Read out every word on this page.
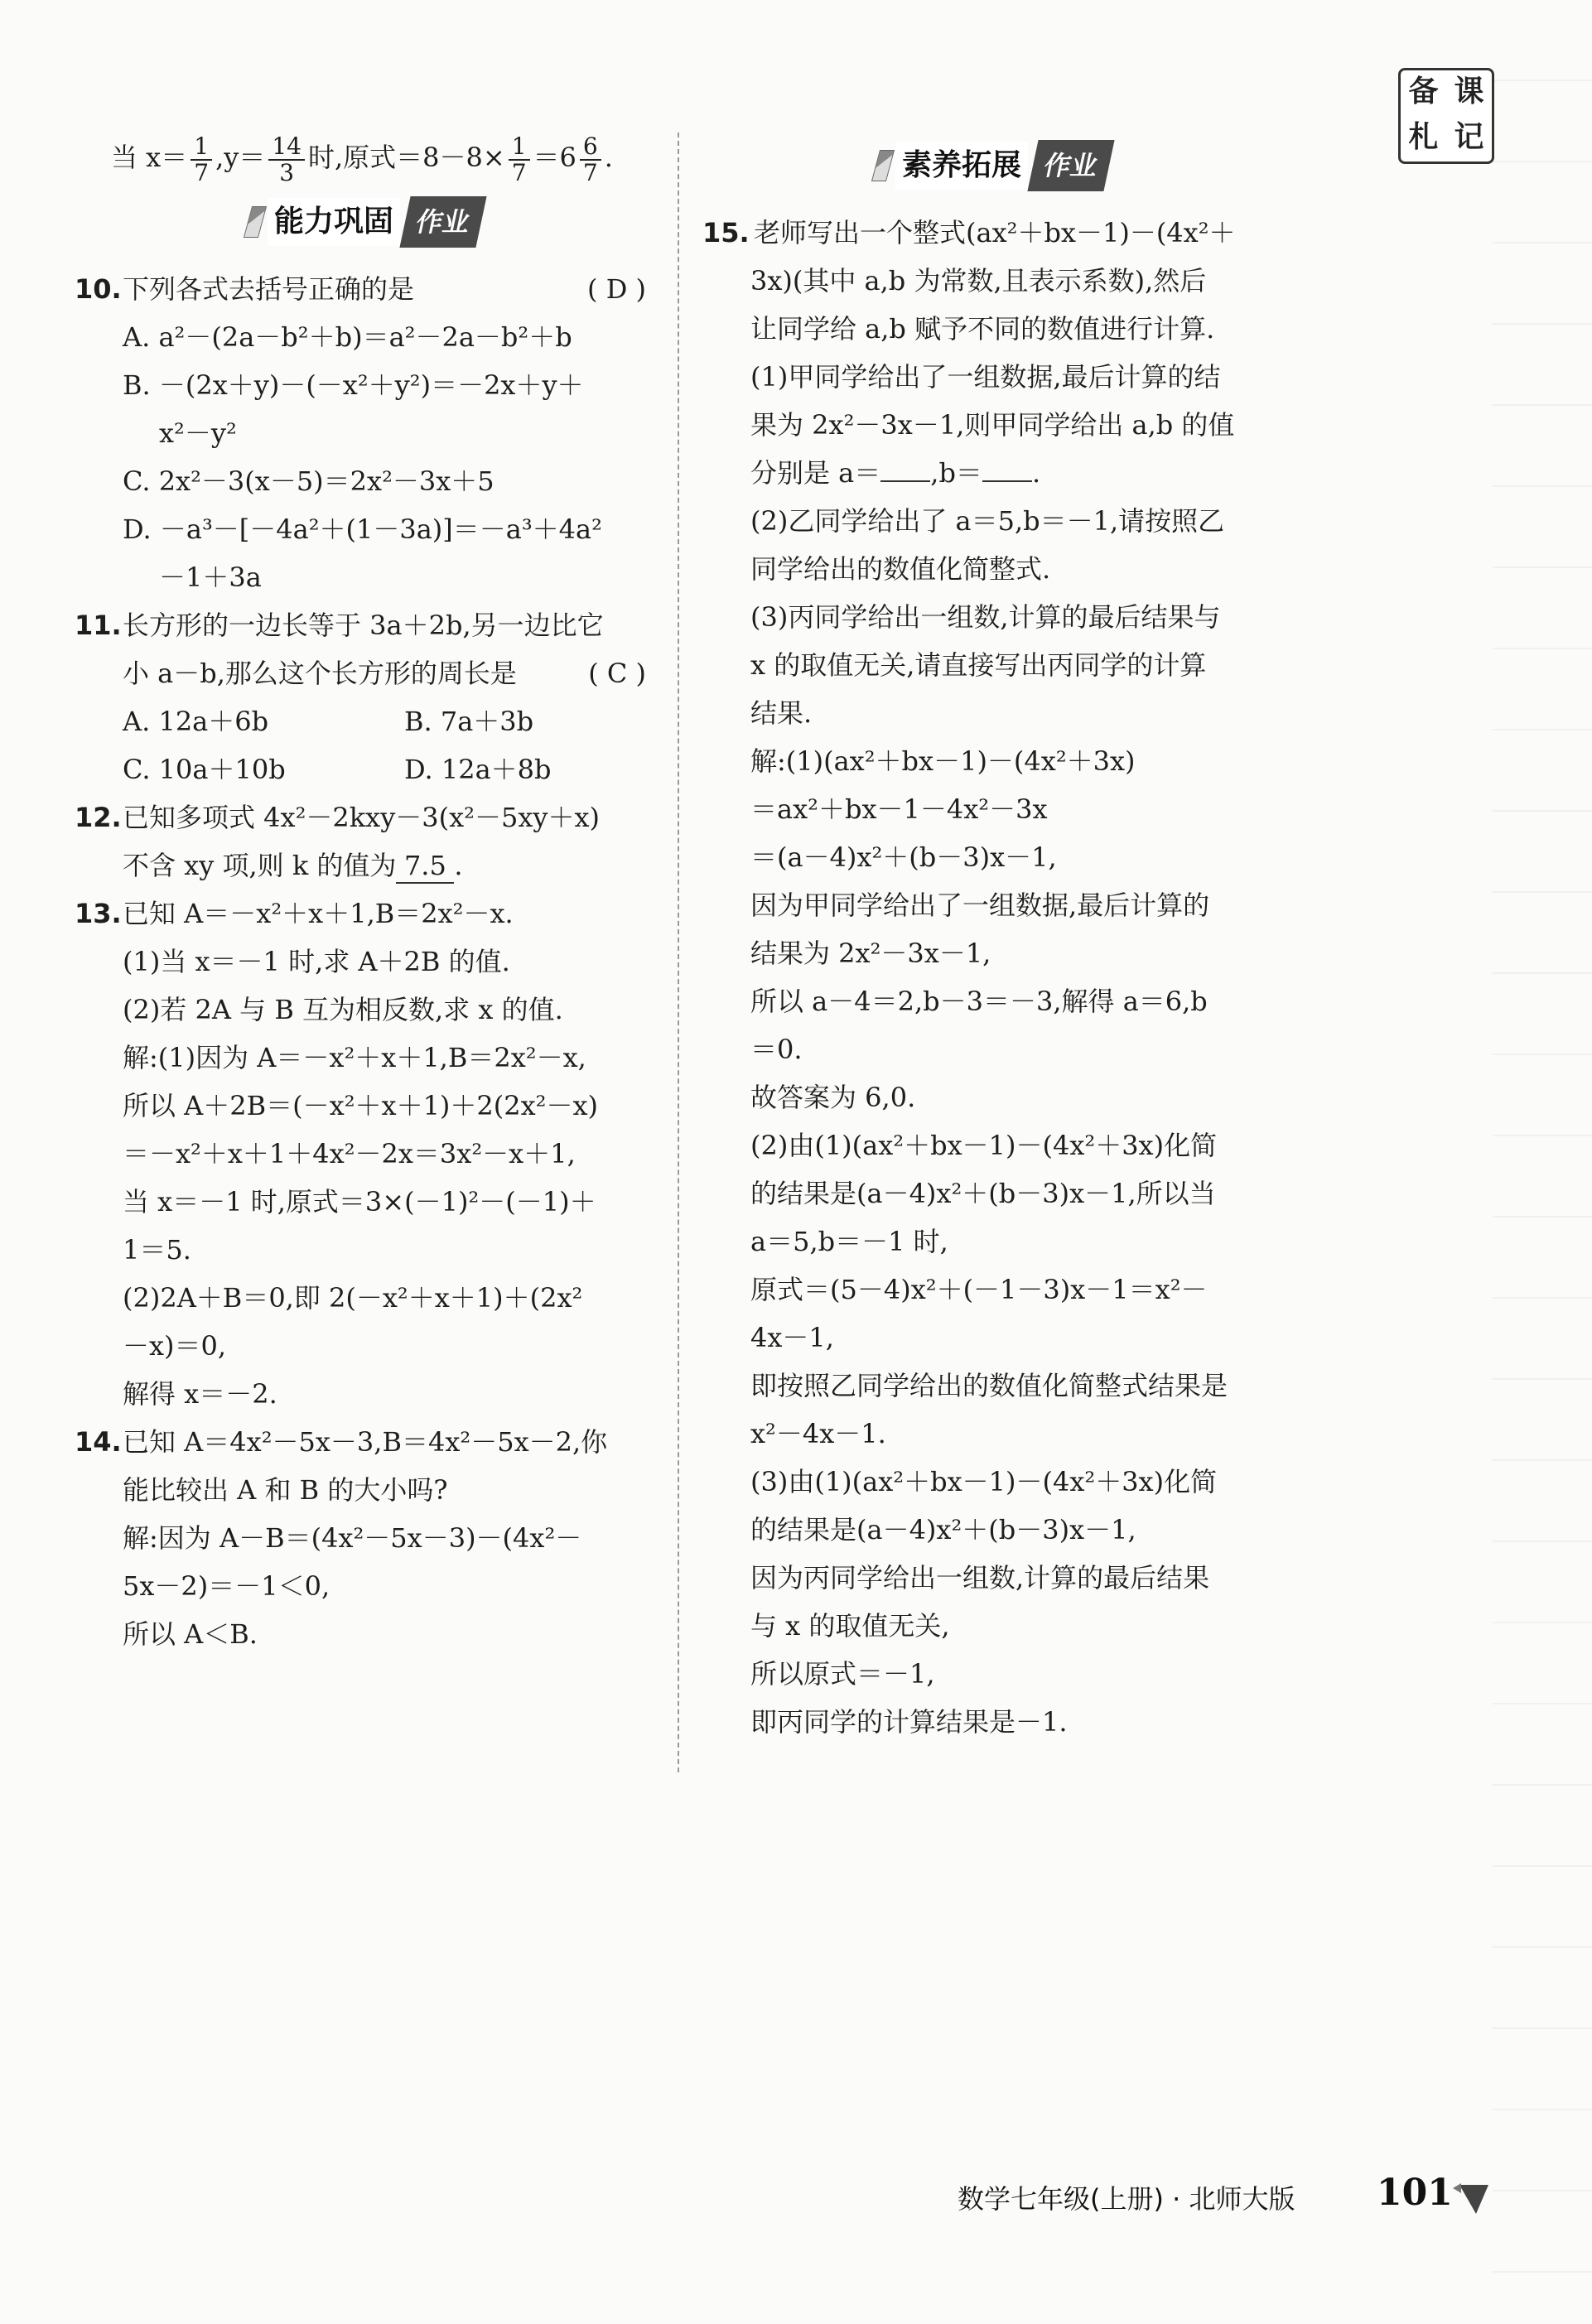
备 课
札 记
当 $x= \frac{1}{7} ,y= \frac{14}{3}$ 时,原式$=8-8\times \frac{1}{7} =6 \frac{6}{7}$ .
能力巩固 作业
10.下列各式去括号正确的是	( D )
A. a²－(2a－b²＋b)＝a²－2a－b²＋b
B. －(2x＋y)－(－x²＋y²)＝－2x＋y＋
x²－y²
C. 2x²－3(x－5)＝2x²－3x＋5
D. －a³－[－4a²＋(1－3a)]＝－a³＋4a²
－1＋3a
11.长方形的一边长等于 3a＋2b,另一边比它
小 a－b,那么这个长方形的周长是	( C )
A. 12a＋6b	B. 7a＋3b
C. 10a＋10b	D. 12a＋8b
12.已知多项式 4x²－2kxy－3(x²－5xy＋x)
不含 xy 项,则 k 的值为 7.5 .
13.已知 A＝－x²＋x＋1,B＝2x²－x.
(1)当 x＝－1 时,求 A＋2B 的值.
(2)若 2A 与 B 互为相反数,求 x 的值.
解:(1)因为 A＝－x²＋x＋1,B＝2x²－x,
所以 A＋2B＝(－x²＋x＋1)＋2(2x²－x)
＝－x²＋x＋1＋4x²－2x＝3x²－x＋1,
当 x＝－1 时,原式＝3×(－1)²－(－1)＋
1＝5.
(2)2A＋B＝0,即 2(－x²＋x＋1)＋(2x²
－x)＝0,
解得 x＝－2.
14.已知 A＝4x²－5x－3,B＝4x²－5x－2,你
能比较出 A 和 B 的大小吗?
解:因为 A－B＝(4x²－5x－3)－(4x²－
5x－2)＝－1＜0,
所以 A＜B.
素养拓展 作业
15. 老师写出一个整式(ax²＋bx－1)－(4x²＋
3x)(其中 a,b 为常数,且表示系数),然后
让同学给 a,b 赋予不同的数值进行计算.
(1)甲同学给出了一组数据,最后计算的结
果为 2x²－3x－1,则甲同学给出 a,b 的值
分别是 a＝ ,b＝ .
(2)乙同学给出了 a＝5,b＝－1,请按照乙
同学给出的数值化简整式.
(3)丙同学给出一组数,计算的最后结果与
x 的取值无关,请直接写出丙同学的计算
结果.
解:(1)(ax²＋bx－1)－(4x²＋3x)
＝ax²＋bx－1－4x²－3x
＝(a－4)x²＋(b－3)x－1,
因为甲同学给出了一组数据,最后计算的
结果为 2x²－3x－1,
所以 a－4＝2,b－3＝－3,解得 a＝6,b
＝0.
故答案为 6,0.
(2)由(1)(ax²＋bx－1)－(4x²＋3x)化简
的结果是(a－4)x²＋(b－3)x－1,所以当
a＝5,b＝－1 时,
原式＝(5－4)x²＋(－1－3)x－1＝x²－
4x－1,
即按照乙同学给出的数值化简整式结果是
x²－4x－1.
(3)由(1)(ax²＋bx－1)－(4x²＋3x)化简
的结果是(a－4)x²＋(b－3)x－1,
因为丙同学给出一组数,计算的最后结果
与 x 的取值无关,
所以原式＝－1,
即丙同学的计算结果是－1.
数学七年级(上册) · 北师大版 101
